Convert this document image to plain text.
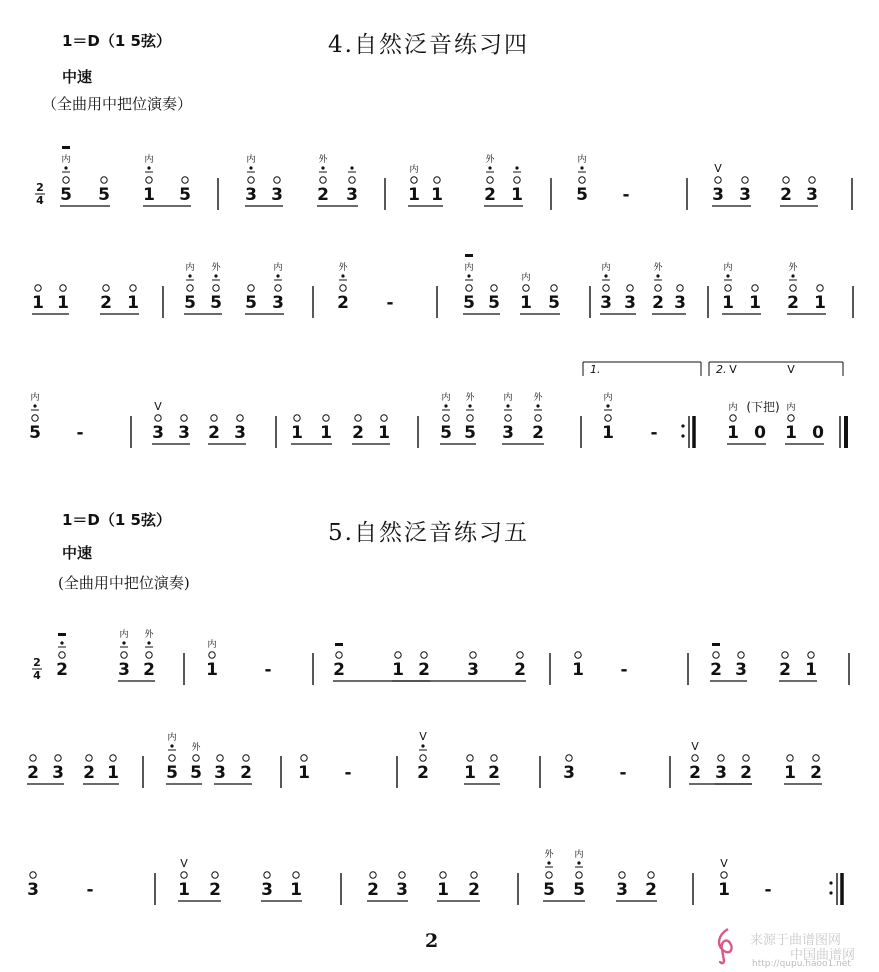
1＝D（1 5弦）	4.自然泛音练习四
中速
（全曲用中把位演奏）
1＝D（1 5弦）	5.自然泛音练习五
中速
(全曲用中把位演奏)
2
4 5
内
5 1
内
5	3
内
3 2
外
3	1
内
1 2
外
1	5
内
-	3
V
3 2 3
1 1 2 1	5
内
5
外
5 3
内
2
外
-	5
内
5 1
内
5 3
内
3 2
外
3 1
内
1 2
外
1
5
内
-	3
V
3 2 3	1 1 2 1	5
内
5
外
3
内
2
外
1
内
-	1
内
0 1
内
0
1.	2. V	V
(下把)
2
4 2	3
内
2
外
1
内
-	2	1 2 3 2	1 -	2 3 2 1
2 3 2 1	5
内
5
外
3 2	1 -	2
V
1 2	3	-	2
V
3 2 1 2
3	-	1
V
2 3 1	2 3 1 2	5
外
5
内
3 2	1
V
-
2	来源于曲谱图网
中国曲谱网
http://qupu.haoo1.net
